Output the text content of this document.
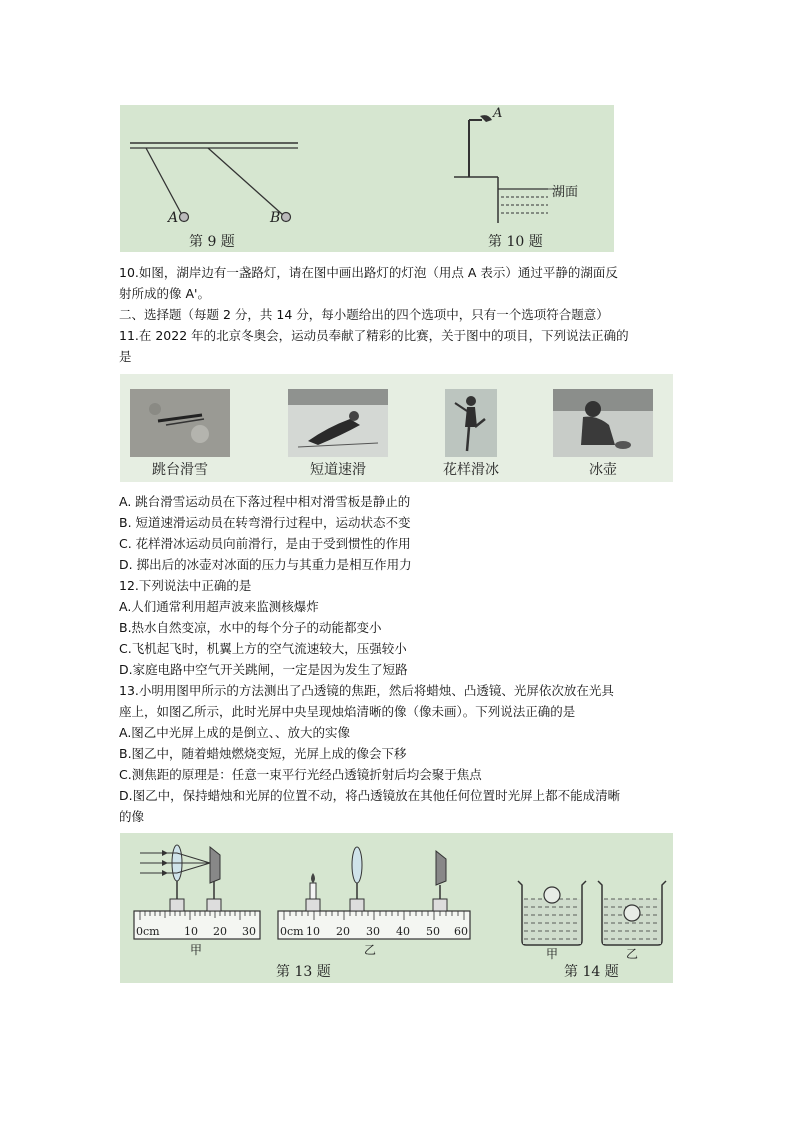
A	B
A
湖面
第 9 题	第 10 题
10.如图，湖岸边有一盏路灯，请在图中画出路灯的灯泡（用点 A 表示）通过平静的湖面反
射所成的像 A'。
二、选择题（每题 2 分，共 14 分，每小题给出的四个选项中，只有一个选项符合题意）
11.在 2022 年的北京冬奥会，运动员奉献了精彩的比赛，关于图中的项目，下列说法正确的
是
跳台滑雪	短道速滑	花样滑冰	冰壶
A. 跳台滑雪运动员在下落过程中相对滑雪板是静止的
B. 短道速滑运动员在转弯滑行过程中，运动状态不变
C. 花样滑冰运动员向前滑行，是由于受到惯性的作用
D. 掷出后的冰壶对冰面的压力与其重力是相互作用力
12.下列说法中正确的是
A.人们通常利用超声波来监测核爆炸
B.热水自然变凉，水中的每个分子的动能都变小
C.飞机起飞时，机翼上方的空气流速较大，压强较小
D.家庭电路中空气开关跳闸，一定是因为发生了短路
13.小明用图甲所示的方法测出了凸透镜的焦距，然后将蜡烛、凸透镜、光屏依次放在光具
座上，如图乙所示，此时光屏中央呈现烛焰清晰的像（像未画）。下列说法正确的是
A.图乙中光屏上成的是倒立、、放大的实像
B.图乙中，随着蜡烛燃烧变短，光屏上成的像会下移
C.测焦距的原理是：任意一束平行光经凸透镜折射后均会聚于焦点
D.图乙中，保持蜡烛和光屏的位置不动，将凸透镜放在其他任何位置时光屏上都不能成清晰
的像
0cm 10 20 30
甲
0cm 10 20 30 40 50 60
乙	甲	乙
第 13 题	第 14 题
